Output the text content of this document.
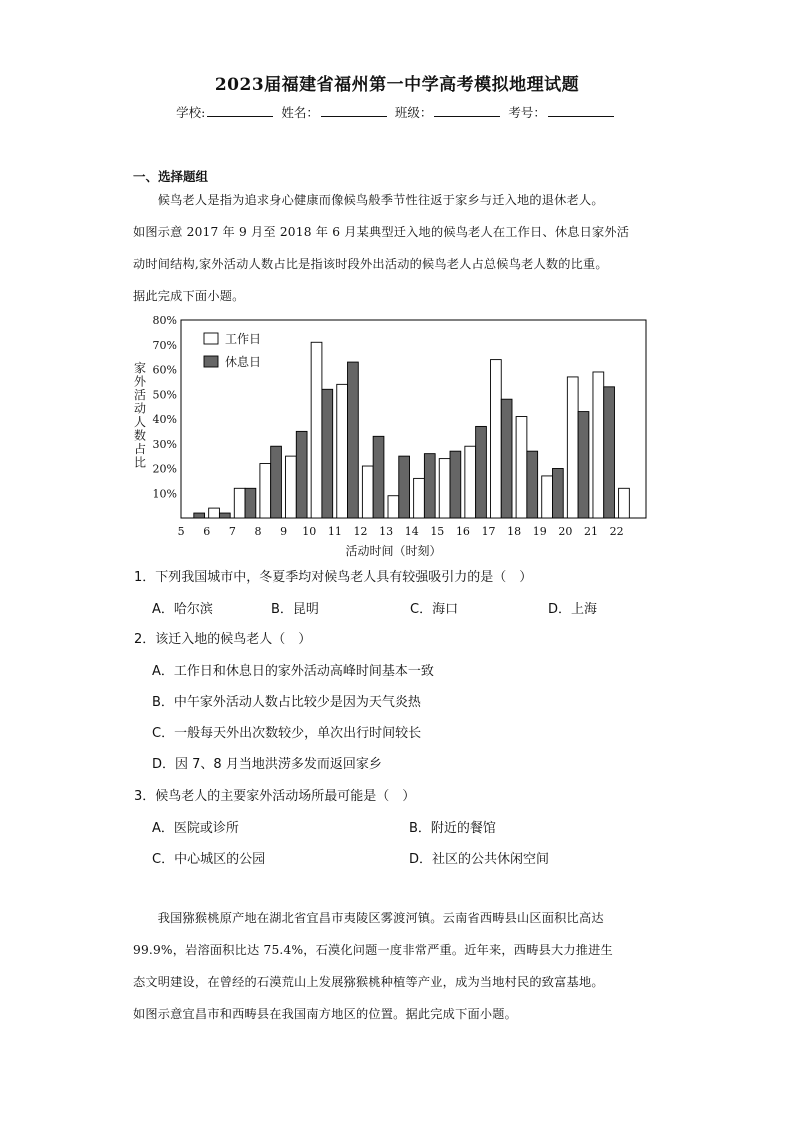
2023届福建省福州第一中学高考模拟地理试题
学校:	姓名：	班级：	考号：
一、选择题组
　　候鸟老人是指为追求身心健康而像候鸟般季节性往返于家乡与迁入地的退休老人。
如图示意 2017 年 9 月至 2018 年 6 月某典型迁入地的候鸟老人在工作日、休息日家外活
动时间结构,家外活动人数占比是指该时段外出活动的候鸟老人占总候鸟老人数的比重。
据此完成下面小题。
10%
20%
30%
40%
50%
60%
70%
80%
家
外
活
动
人
数
占
比
5 6 7 8 9 10 11 12 13 14 15 16 17 18 19 20 21 22
活动时间（时刻）
工作日
休息日
1．下列我国城市中，冬夏季均对候鸟老人具有较强吸引力的是（　）
A．哈尔滨	B．昆明	C．海口	D．上海
2．该迁入地的候鸟老人（　）
A．工作日和休息日的家外活动高峰时间基本一致
B．中午家外活动人数占比较少是因为天气炎热
C．一般每天外出次数较少，单次出行时间较长
D．因 7、8 月当地洪涝多发而返回家乡
3．候鸟老人的主要家外活动场所最可能是（　）
A．医院或诊所	B．附近的餐馆
C．中心城区的公园	D．社区的公共休闲空间
　　我国猕猴桃原产地在湖北省宜昌市夷陵区雾渡河镇。云南省西畴县山区面积比高达
99.9%，岩溶面积比达 75.4%，石漠化问题一度非常严重。近年来，西畴县大力推进生
态文明建设，在曾经的石漠荒山上发展猕猴桃种植等产业，成为当地村民的致富基地。
如图示意宜昌市和西畴县在我国南方地区的位置。据此完成下面小题。
